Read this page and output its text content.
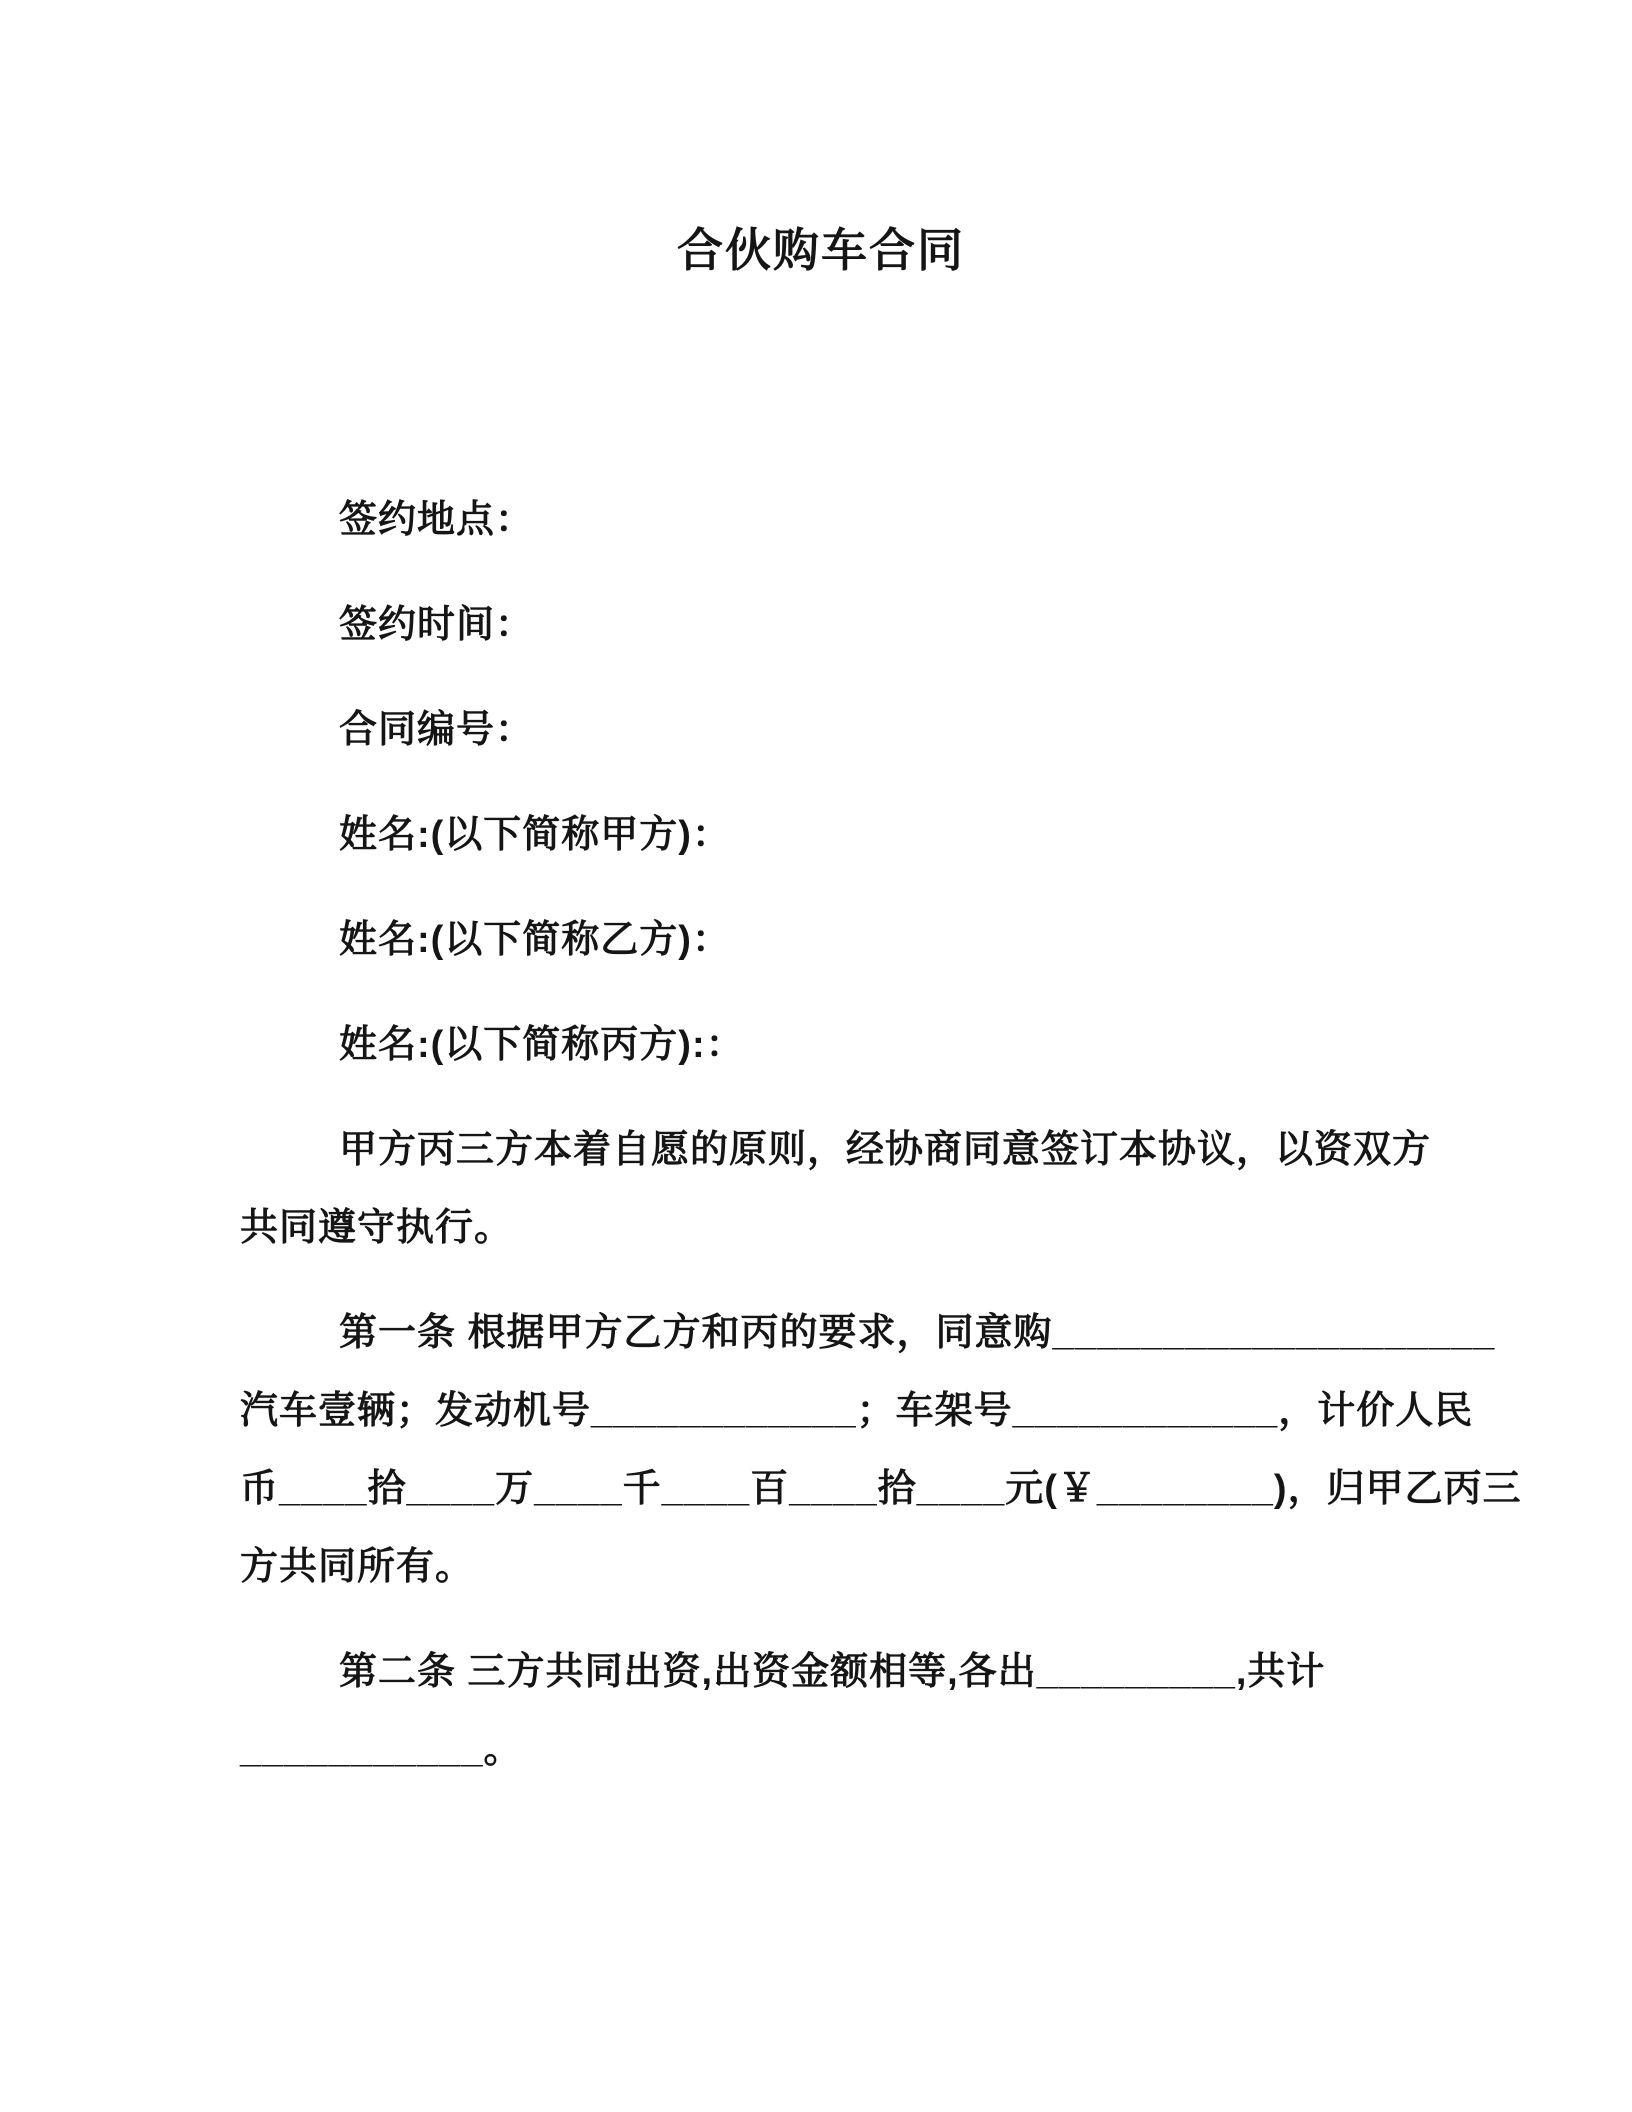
合伙购车合同
签约地点：
签约时间：
合同编号：
姓名:(以下简称甲方)：
姓名:(以下简称乙方)：
姓名:(以下简称丙方):：
甲方丙三方本着自愿的原则，经协商同意签订本协议，以资双方
共同遵守执行。
第一条 根据甲方乙方和丙的要求，同意购____________________
汽车壹辆；发动机号____________；车架号____________，计价人民
币____拾____万____千____百____拾____元(￥________)，归甲乙丙三
方共同所有。
第二条 三方共同出资,出资金额相等,各出_________,共计
___________。
